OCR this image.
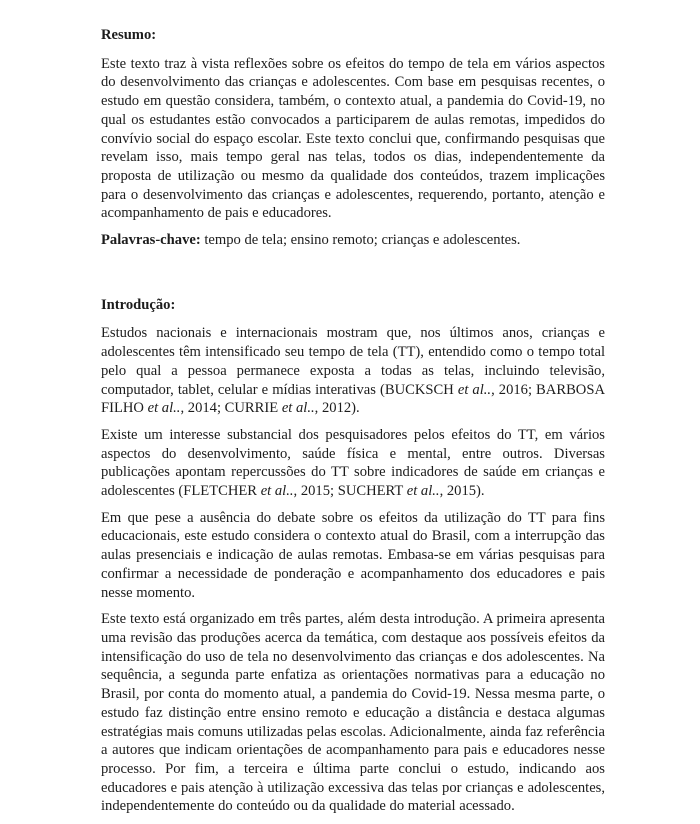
Resumo:

Este texto traz à vista reflexões sobre os efeitos do tempo de tela em vários aspectos do desenvolvimento das crianças e adolescentes. Com base em pesquisas recentes, o estudo em questão considera, também, o contexto atual, a pandemia do Covid-19, no qual os estudantes estão convocados a participarem de aulas remotas, impedidos do convívio social do espaço escolar. Este texto conclui que, confirmando pesquisas que revelam isso, mais tempo geral nas telas, todos os dias, independentemente da proposta de utilização ou mesmo da qualidade dos conteúdos, trazem implicações para o desenvolvimento das crianças e adolescentes, requerendo, portanto, atenção e acompanhamento de pais e educadores.

Palavras-chave: tempo de tela; ensino remoto; crianças e adolescentes.

Introdução:

Estudos nacionais e internacionais mostram que, nos últimos anos, crianças e adolescentes têm intensificado seu tempo de tela (TT), entendido como o tempo total pelo qual a pessoa permanece exposta a todas as telas, incluindo televisão, computador, tablet, celular e mídias interativas (BUCKSCH et al.., 2016; BARBOSA FILHO et al.., 2014; CURRIE et al.., 2012).

Existe um interesse substancial dos pesquisadores pelos efeitos do TT, em vários aspectos do desenvolvimento, saúde física e mental, entre outros. Diversas publicações apontam repercussões do TT sobre indicadores de saúde em crianças e adolescentes (FLETCHER et al.., 2015; SUCHERT et al.., 2015).

Em que pese a ausência do debate sobre os efeitos da utilização do TT para fins educacionais, este estudo considera o contexto atual do Brasil, com a interrupção das aulas presenciais e indicação de aulas remotas. Embasa-se em várias pesquisas para confirmar a necessidade de ponderação e acompanhamento dos educadores e pais nesse momento.

Este texto está organizado em três partes, além desta introdução. A primeira apresenta uma revisão das produções acerca da temática, com destaque aos possíveis efeitos da intensificação do uso de tela no desenvolvimento das crianças e dos adolescentes. Na sequência, a segunda parte enfatiza as orientações normativas para a educação no Brasil, por conta do momento atual, a pandemia do Covid-19. Nessa mesma parte, o estudo faz distinção entre ensino remoto e educação a distância e destaca algumas estratégias mais comuns utilizadas pelas escolas. Adicionalmente, ainda faz referência a autores que indicam orientações de acompanhamento para pais e educadores nesse processo. Por fim, a terceira e última parte conclui o estudo, indicando aos educadores e pais atenção à utilização excessiva das telas por crianças e adolescentes, independentemente do conteúdo ou da qualidade do material acessado.
